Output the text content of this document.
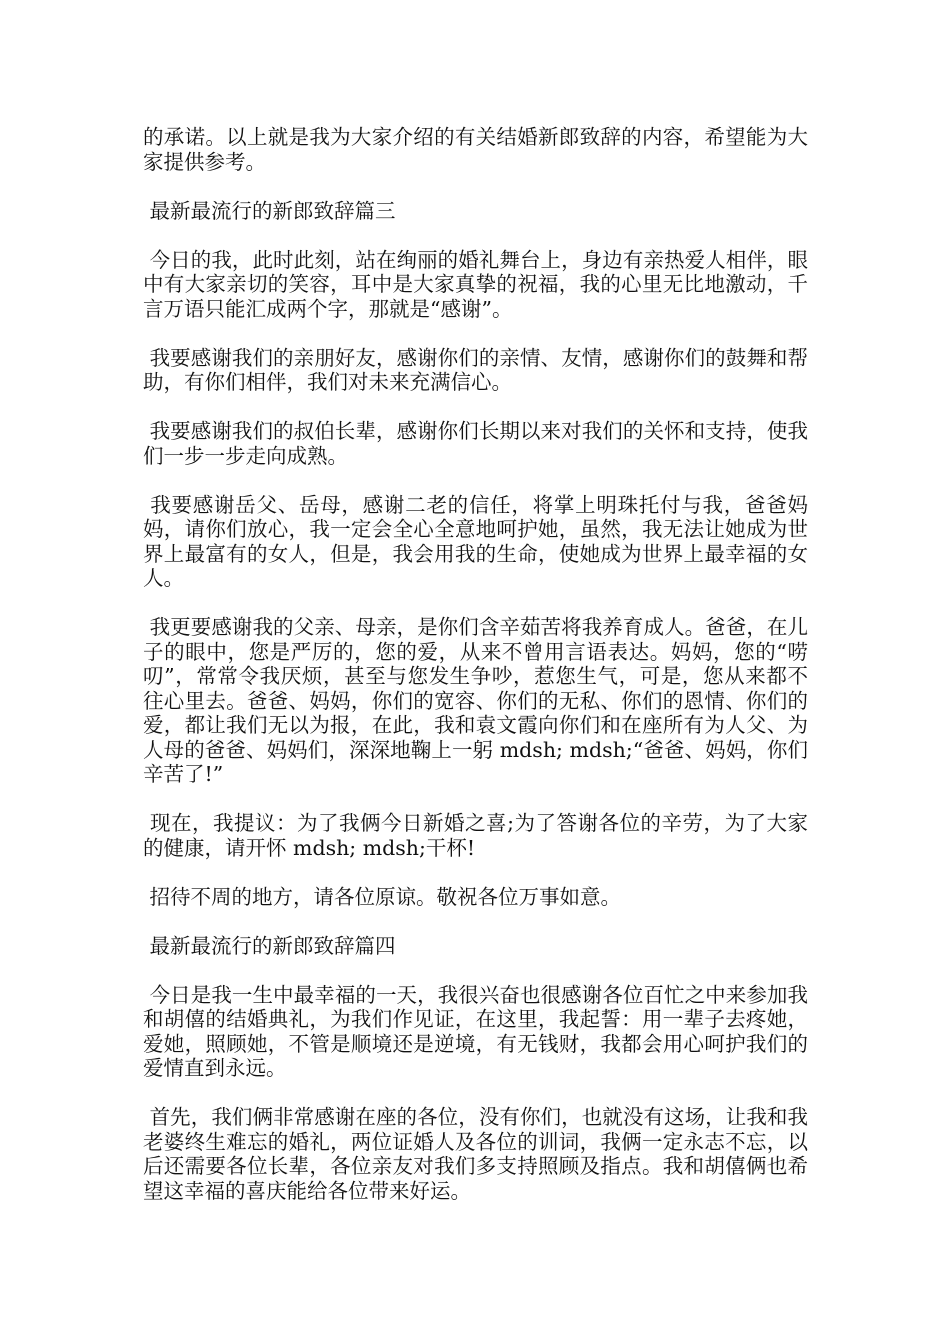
的承诺。以上就是我为大家介绍的有关结婚新郎致辞的内容，希望能为大家提供参考。

最新最流行的新郎致辞篇三

今日的我，此时此刻，站在绚丽的婚礼舞台上，身边有亲热爱人相伴，眼中有大家亲切的笑容，耳中是大家真挚的祝福，我的心里无比地激动，千言万语只能汇成两个字，那就是“感谢”。

我要感谢我们的亲朋好友，感谢你们的亲情、友情，感谢你们的鼓舞和帮助，有你们相伴，我们对未来充满信心。

我要感谢我们的叔伯长辈，感谢你们长期以来对我们的关怀和支持，使我们一步一步走向成熟。

我要感谢岳父、岳母，感谢二老的信任，将掌上明珠托付与我，爸爸妈妈，请你们放心，我一定会全心全意地呵护她，虽然，我无法让她成为世界上最富有的女人，但是，我会用我的生命，使她成为世界上最幸福的女人。

我更要感谢我的父亲、母亲，是你们含辛茹苦将我养育成人。爸爸，在儿子的眼中，您是严厉的，您的爱，从来不曾用言语表达。妈妈，您的“唠叨”，常常令我厌烦，甚至与您发生争吵，惹您生气，可是，您从来都不往心里去。爸爸、妈妈，你们的宽容、你们的无私、你们的恩情、你们的爱，都让我们无以为报，在此，我和袁文霞向你们和在座所有为人父、为人母的爸爸、妈妈们，深深地鞠上一躬 mdsh; mdsh;“爸爸、妈妈，你们辛苦了!”

现在，我提议：为了我俩今日新婚之喜;为了答谢各位的辛劳，为了大家的健康，请开怀 mdsh; mdsh;干杯!

招待不周的地方，请各位原谅。敬祝各位万事如意。

最新最流行的新郎致辞篇四

今日是我一生中最幸福的一天，我很兴奋也很感谢各位百忙之中来参加我和胡僖的结婚典礼，为我们作见证，在这里，我起誓：用一辈子去疼她，爱她，照顾她，不管是顺境还是逆境，有无钱财，我都会用心呵护我们的爱情直到永远。

首先，我们俩非常感谢在座的各位，没有你们，也就没有这场，让我和我老婆终生难忘的婚礼，两位证婚人及各位的训词，我俩一定永志不忘，以后还需要各位长辈，各位亲友对我们多支持照顾及指点。我和胡僖俩也希望这幸福的喜庆能给各位带来好运。
